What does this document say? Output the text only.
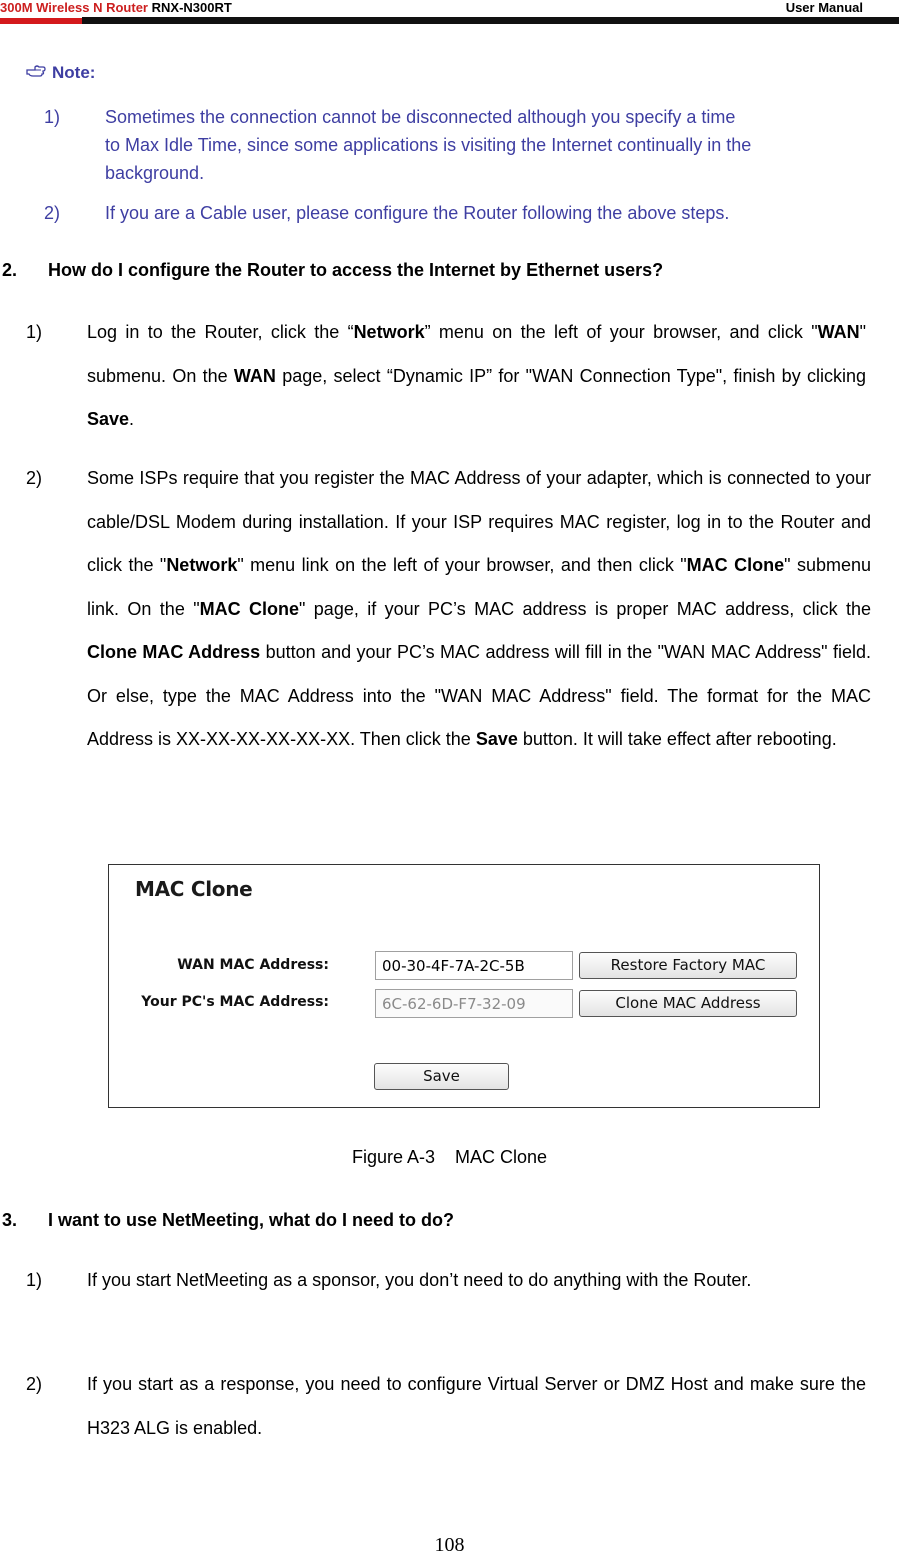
300M Wireless N Router RNX-N300RT	User Manual
Note:
1) Sometimes the connection cannot be disconnected although you specify a time
to Max Idle Time, since some applications is visiting the Internet continually in the
background.
2) If you are a Cable user, please configure the Router following the above steps.
2. How do I configure the Router to access the Internet by Ethernet users?
1) Log in to the Router, click the “Network” menu on the left of your browser, and click "WAN" submenu. On the WAN page, select “Dynamic IP” for "WAN Connection Type", finish by clicking Save.
2) Some ISPs require that you register the MAC Address of your adapter, which is connected to your cable/DSL Modem during installation. If your ISP requires MAC register, log in to the Router and click the "Network" menu link on the left of your browser, and then click "MAC Clone" submenu link. On the "MAC Clone" page, if your PC’s MAC address is proper MAC address, click the Clone MAC Address button and your PC’s MAC address will fill in the "WAN MAC Address" field. Or else, type the MAC Address into the "WAN MAC Address" field. The format for the MAC Address is XX-XX-XX-XX-XX-XX. Then click the Save button. It will take effect after rebooting.
MAC Clone
WAN MAC Address:	00-30-4F-7A-2C-5B	Restore Factory MAC
Your PC's MAC Address:	6C-62-6D-F7-32-09	Clone MAC Address
Save
Figure A-3    MAC Clone
3. I want to use NetMeeting, what do I need to do?
1) If you start NetMeeting as a sponsor, you don’t need to do anything with the Router.
2) If you start as a response, you need to configure Virtual Server or DMZ Host and make sure the H323 ALG is enabled.
108
